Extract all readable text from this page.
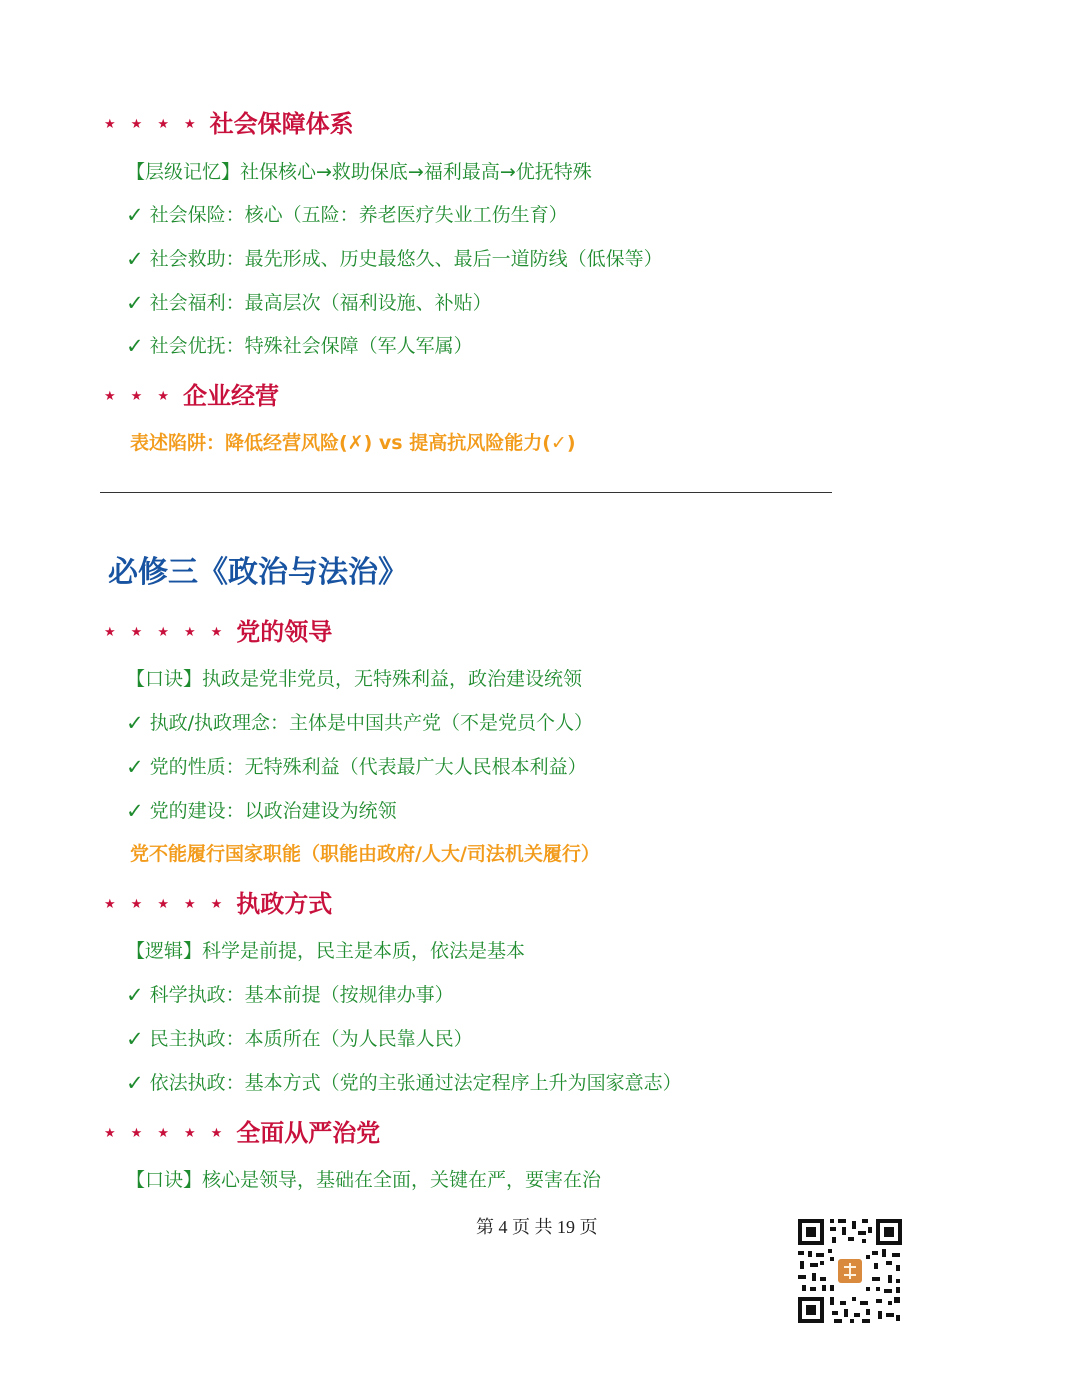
★ ★ ★ ★ 社会保障体系
【层级记忆】社保核心→救助保底→福利最高→优抚特殊
✓ 社会保险：核心（五险：养老医疗失业工伤生育）
✓ 社会救助：最先形成、历史最悠久、最后一道防线（低保等）
✓ 社会福利：最高层次（福利设施、补贴）
✓ 社会优抚：特殊社会保障（军人军属）
★ ★ ★ 企业经营
表述陷阱：降低经营风险(✗) vs 提高抗风险能力(✓)
必修三《政治与法治》
★ ★ ★ ★ ★ 党的领导
【口诀】执政是党非党员，无特殊利益，政治建设统领
✓ 执政/执政理念：主体是中国共产党（不是党员个人）
✓ 党的性质：无特殊利益（代表最广大人民根本利益）
✓ 党的建设：以政治建设为统领
党不能履行国家职能（职能由政府/人大/司法机关履行）
★ ★ ★ ★ ★ 执政方式
【逻辑】科学是前提，民主是本质，依法是基本
✓ 科学执政：基本前提（按规律办事）
✓ 民主执政：本质所在（为人民靠人民）
✓ 依法执政：基本方式（党的主张通过法定程序上升为国家意志）
★ ★ ★ ★ ★ 全面从严治党
【口诀】核心是领导，基础在全面，关键在严，要害在治
第 4 页 共 19 页
